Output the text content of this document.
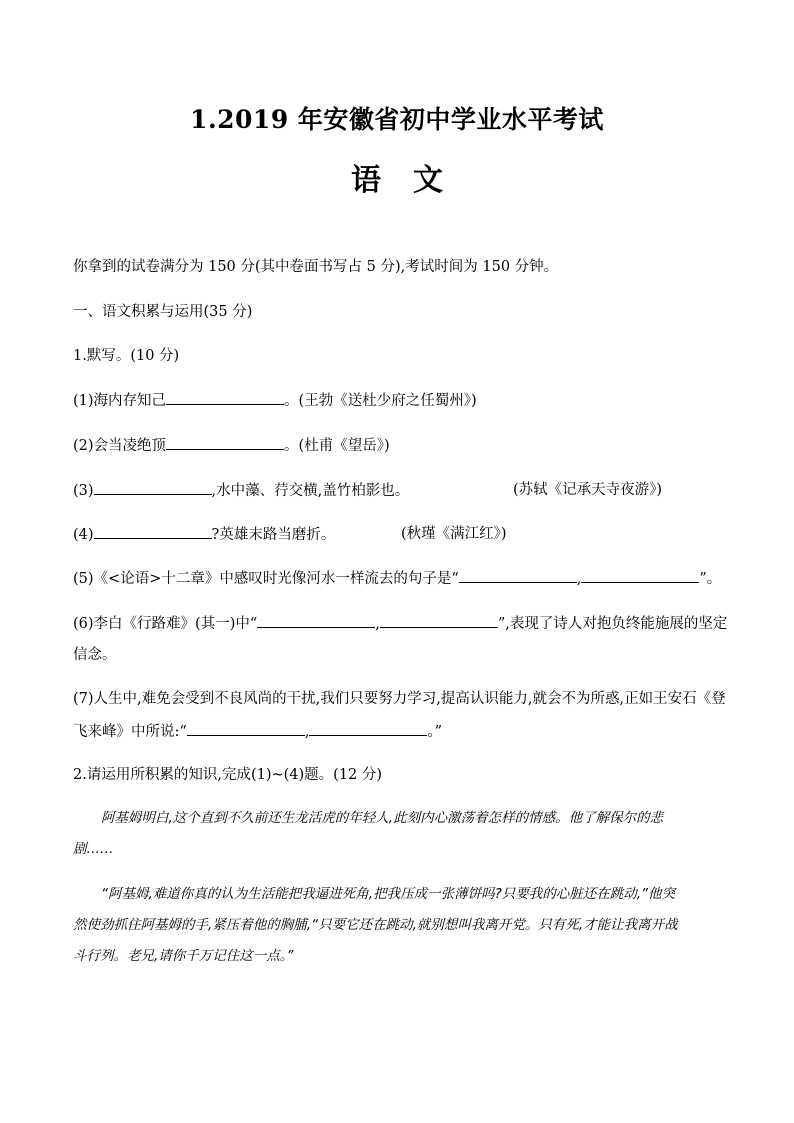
1.2019 年安徽省初中学业水平考试
语 文
你拿到的试卷满分为 150 分(其中卷面书写占 5 分),考试时间为 150 分钟。
一、语文积累与运用(35 分)
1.默写。(10 分)
(1)海内存知己	。(王勃《送杜少府之任蜀州》)
(2)会当凌绝顶	。(杜甫《望岳》)
(3)	,水中藻、荇交横,盖竹柏影也。	(苏轼《记承天寺夜游》)
(4)	?英雄末路当磨折。	(秋瑾《满江红》)
(5)《<论语>十二章》中感叹时光像河水一样流去的句子是“	,	”。
(6)李白《行路难》(其一)中“	,	”,表现了诗人对抱负终能施展的坚定
信念。
(7)人生中,难免会受到不良风尚的干扰,我们只要努力学习,提高认识能力,就会不为所惑,正如王安石《登
飞来峰》中所说:“	,	。”
2.请运用所积累的知识,完成(1)~(4)题。(12 分)
阿基姆明白,这个直到不久前还生龙活虎的年轻人,此刻内心激荡着怎样的情感。他了解保尔的悲
剧……
“阿基姆,难道你真的认为生活能把我逼进死角,把我压成一张薄饼吗?只要我的心脏还在跳动,”他突
然使劲抓住阿基姆的手,紧压着他的胸脯,“只要它还在跳动,就别想叫我离开党。只有死,才能让我离开战
斗行列。老兄,请你千万记住这一点。”
